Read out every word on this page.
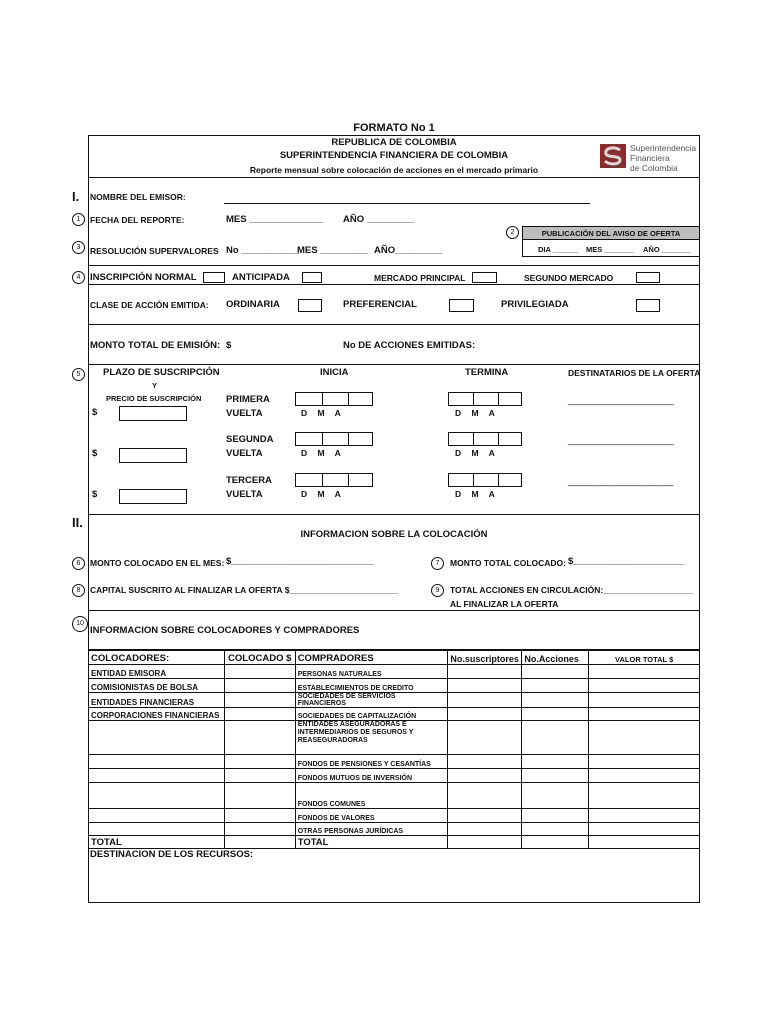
FORMATO No 1
REPUBLICA DE COLOMBIA
SUPERINTENDENCIA FINANCIERA DE COLOMBIA
Reporte mensual sobre colocación de acciones en el mercado primario
Superintendencia
Financiera
de Colombia
I. NOMBRE DEL EMISOR:
1	FECHA DEL REPORTE:	MES ______________ AÑO _________
2	PUBLICACIÓN DEL AVISO DE OFERTA
DIA ______ MES _______ AÑO _______
3	RESOLUCIÓN SUPERVALORES No ___________
MES _________ AÑO_________
4	INSCRIPCIÓN NORMAL	ANTICIPADA	MERCADO PRINCIPAL	SEGUNDO MERCADO
CLASE DE ACCIÓN EMITIDA: ORDINARIA	PREFERENCIAL	PRIVILEGIADA
MONTO TOTAL DE EMISIÓN: $	No DE ACCIONES EMITIDAS:
5	PLAZO DE SUSCRIPCIÓN
Y
PRECIO DE SUSCRIPCIÓN
INICIA	TERMINA	DESTINATARIOS DE LA OFERTA
$
PRIMERA
VUELTA	D M A	D M A
____________________
$
SEGUNDA
VUELTA	D M A	D M A
____________________
$
TERCERA
VUELTA	D M A	D M A
____________________
II.
INFORMACION SOBRE LA COLOCACIÓN
6	MONTO COLOCADO EN EL MES: $___________________________	7	MONTO TOTAL COLOCADO: $_____________________
8	CAPITAL SUSCRITO AL FINALIZAR LA OFERTA $_______________________	9	TOTAL ACCIONES EN CIRCULACIÓN:___________________
AL FINALIZAR LA OFERTA
10
INFORMACION SOBRE COLOCADORES Y COMPRADORES
COLOCADORES:	COLOCADO $	COMPRADORES	No.suscriptores	No.Acciones	VALOR TOTAL $
ENTIDAD EMISORA		PERSONAS NATURALES			
COMISIONISTAS DE BOLSA		ESTABLECIMIENTOS DE CREDITO			
ENTIDADES FINANCIERAS		SOCIEDADES DE SERVICIOS FINANCIEROS			
CORPORACIONES FINANCIERAS		SOCIEDADES DE CAPITALIZACIÓN			
		ENTIDADES ASEGURADORAS E INTERMEDIARIOS DE SEGUROS Y REASEGURADORAS			
		FONDOS DE PENSIONES Y CESANTÍAS			
		FONDOS MUTUOS DE INVERSIÓN			
		FONDOS COMUNES			
		FONDOS DE VALORES			
		OTRAS PERSONAS JURÍDICAS			
TOTAL		TOTAL			
DESTINACION DE LOS RECURSOS:
